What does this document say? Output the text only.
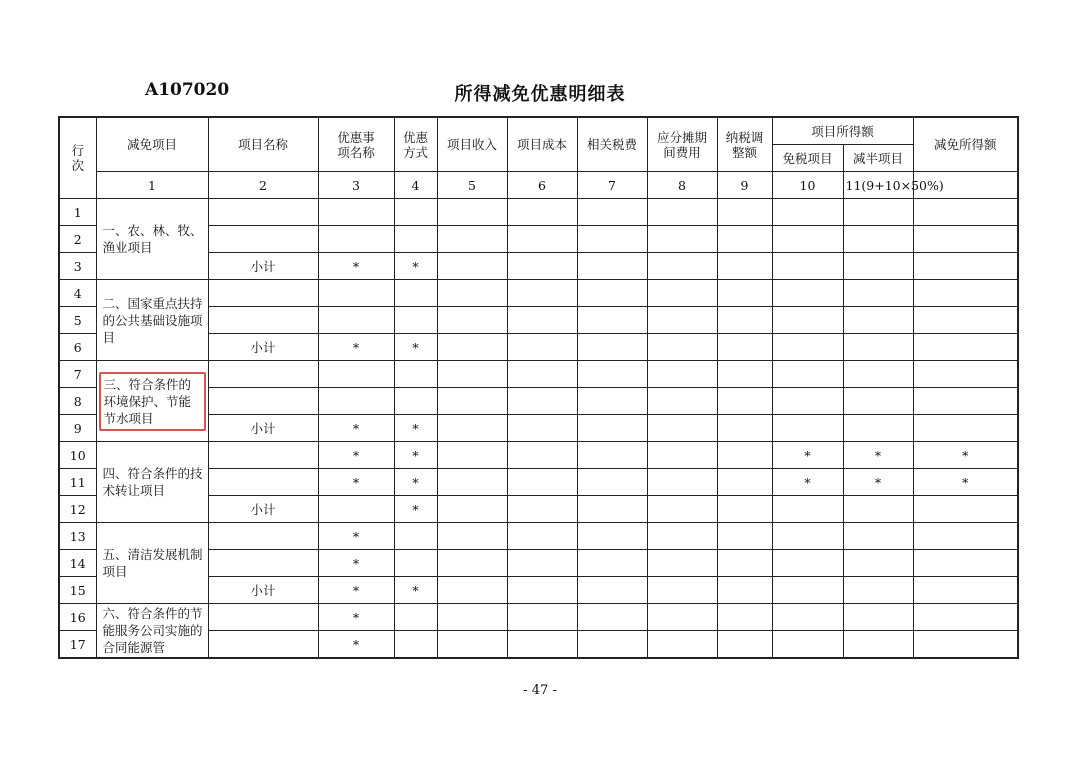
A107020	所得减免优惠明细表
行次	减免项目	项目名称	优惠事项名称	优惠方式	项目收入	项目成本	相关税费	应分摊期间费用	纳税调整额	项目所得额		减免所得额
										免税项目	减半项目	
	1	2	3	4	5	6	7	8	9	10	11(9+10×50%)	
1	一、农、林、牧、渔业项目											
2												
3		小计	*	*								
4	二、国家重点扶持的公共基础设施项目											
5												
6		小计	*	*								
7	三、符合条件的环境保护、节能节水项目											
8												
9		小计	*	*								
10	四、符合条件的技术转让项目		*	*						*	*	*
11			*	*						*	*	*
12		小计		*								
13	五、清洁发展机制项目		*									
14			*									
15		小计	*	*								
16	六、符合条件的节能服务公司实施的合同能源管		*									
17			*									
- 47 -
